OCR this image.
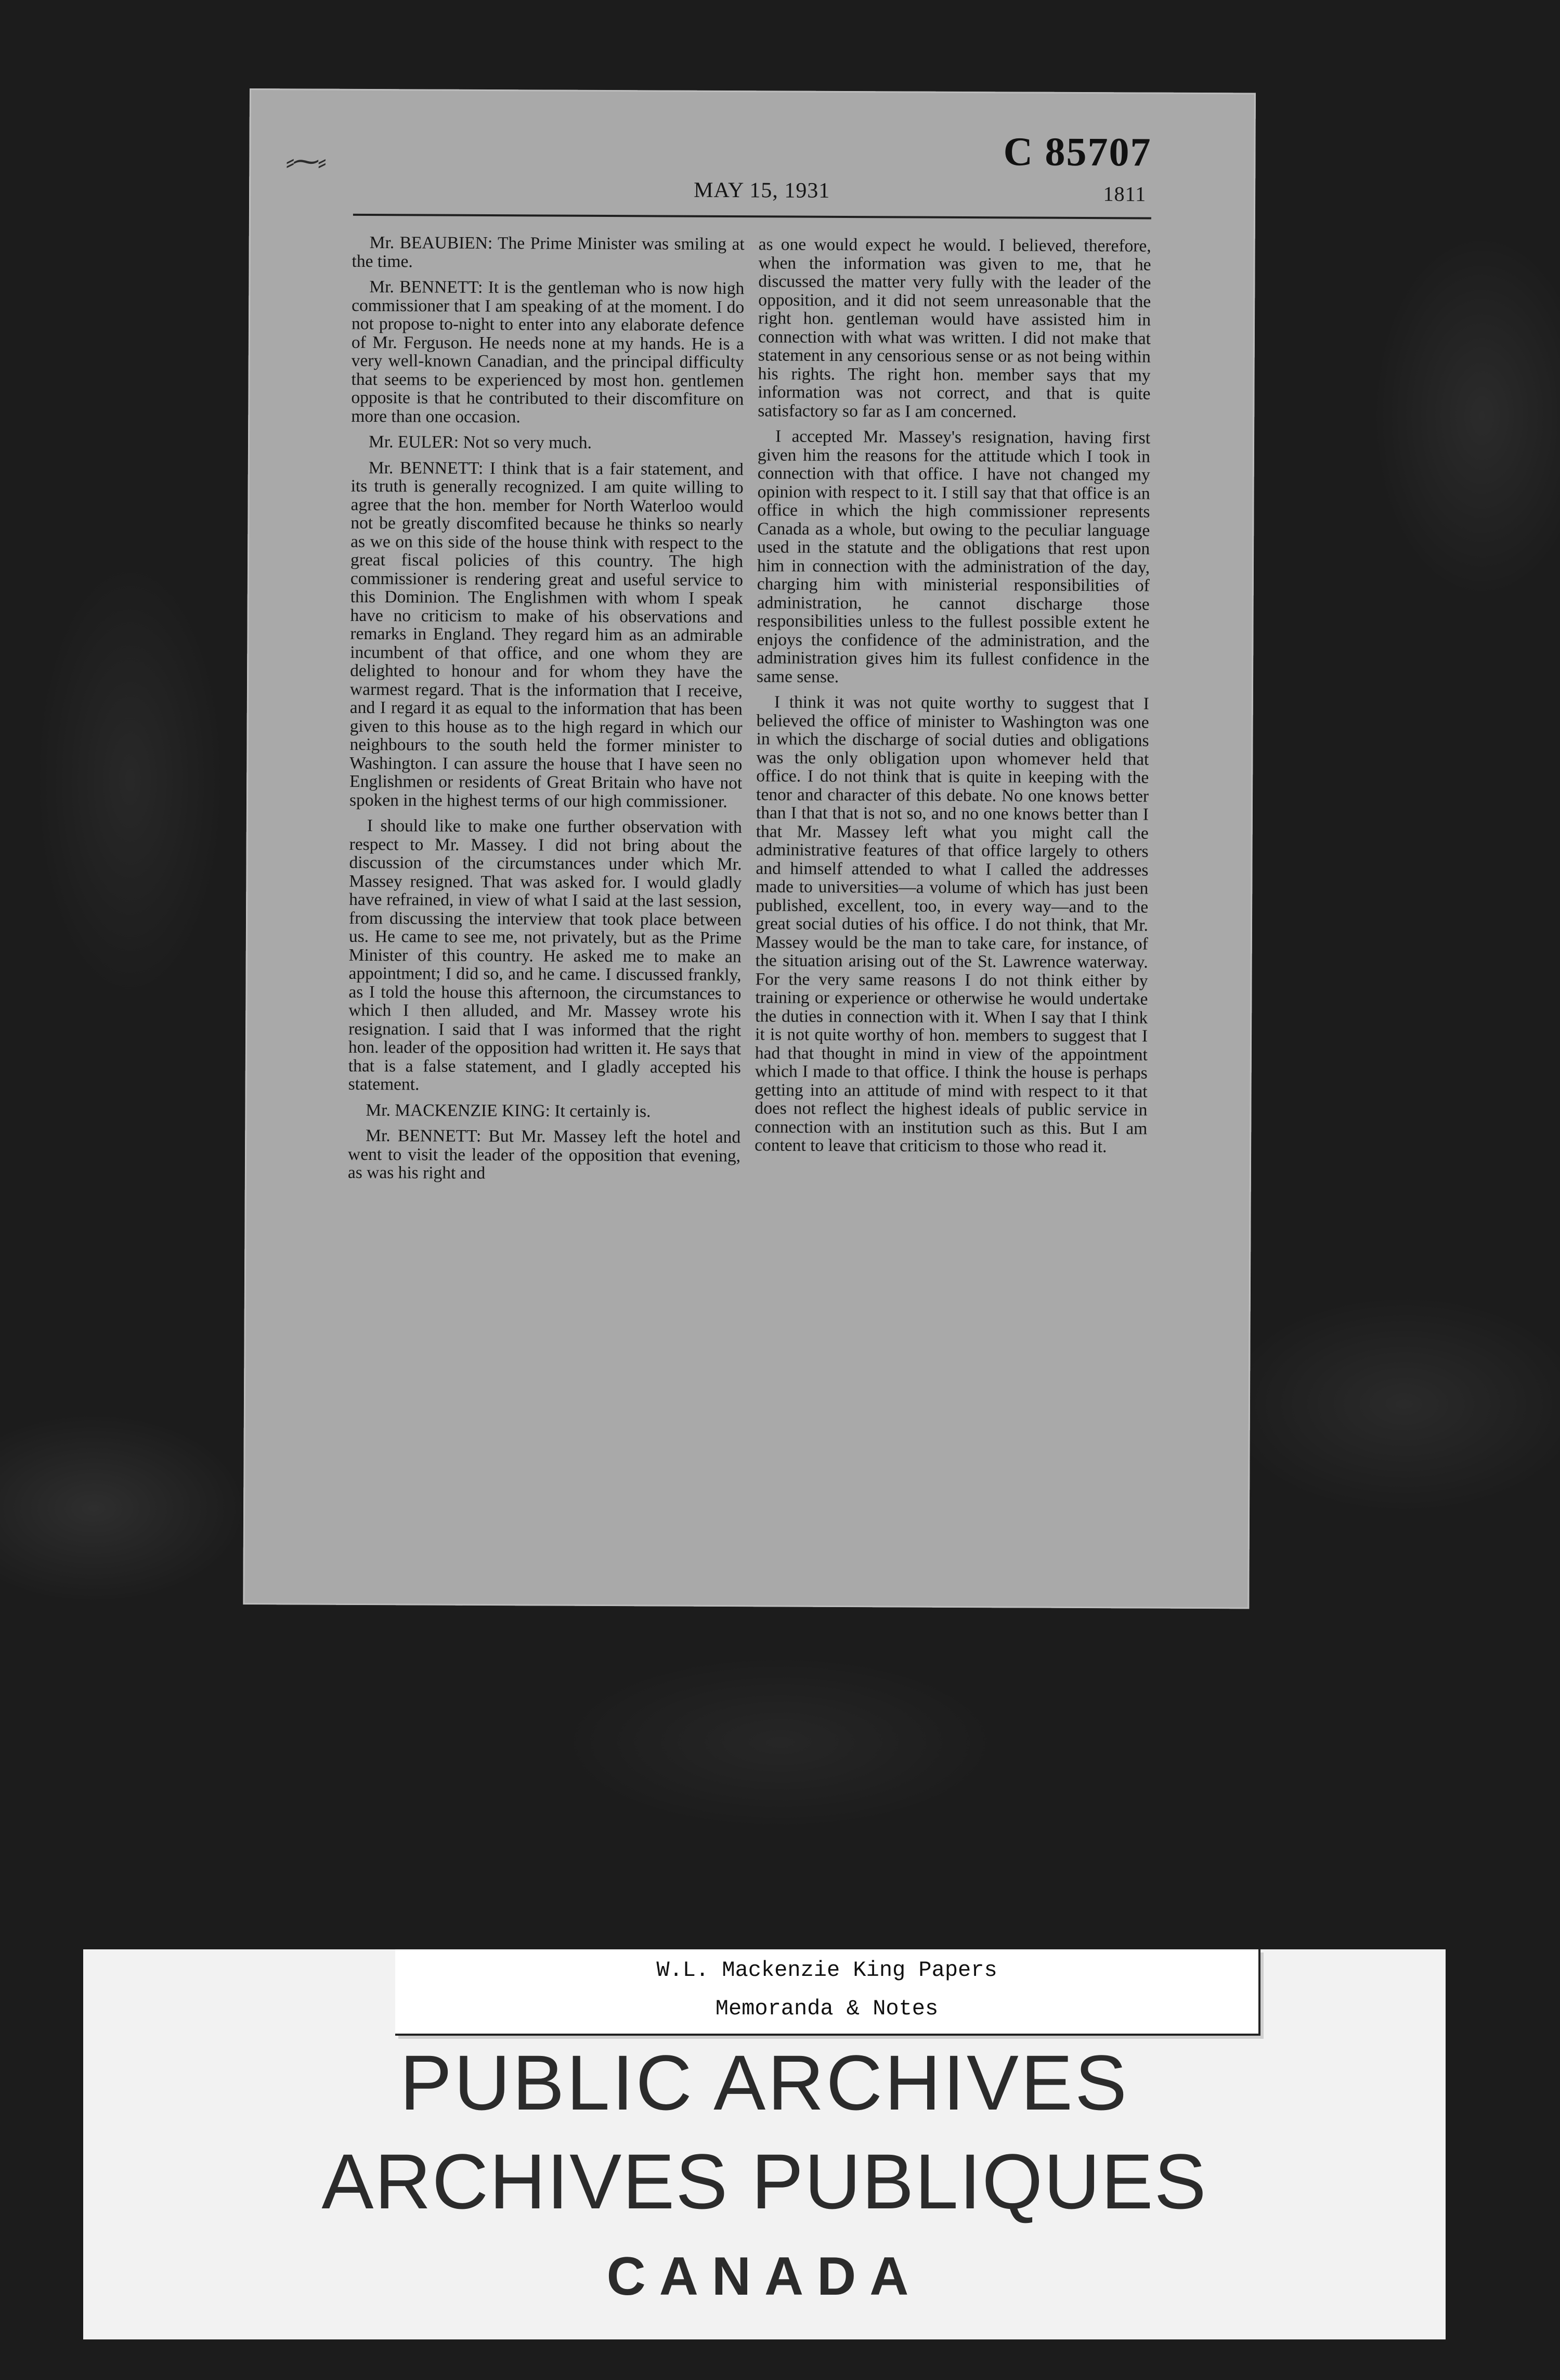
⸗⁓⸗	C 85707
MAY 15, 1931	1811

Mr. BEAUBIEN: The Prime Minister was smiling at the time.

Mr. BENNETT: It is the gentleman who is now high commissioner that I am speaking of at the moment. I do not propose to-night to enter into any elaborate defence of Mr. Ferguson. He needs none at my hands. He is a very well-known Canadian, and the principal difficulty that seems to be experienced by most hon. gentlemen opposite is that he contributed to their discomfiture on more than one occasion.

Mr. EULER: Not so very much.

Mr. BENNETT: I think that is a fair statement, and its truth is generally recognized. I am quite willing to agree that the hon. member for North Waterloo would not be greatly discomfited because he thinks so nearly as we on this side of the house think with respect to the great fiscal policies of this country. The high commissioner is rendering great and useful service to this Dominion. The Englishmen with whom I speak have no criticism to make of his observations and remarks in England. They regard him as an admirable incumbent of that office, and one whom they are delighted to honour and for whom they have the warmest regard. That is the information that I receive, and I regard it as equal to the information that has been given to this house as to the high regard in which our neighbours to the south held the former minister to Washington. I can assure the house that I have seen no Englishmen or residents of Great Britain who have not spoken in the highest terms of our high commissioner.

I should like to make one further observation with respect to Mr. Massey. I did not bring about the discussion of the circumstances under which Mr. Massey resigned. That was asked for. I would gladly have refrained, in view of what I said at the last session, from discussing the interview that took place between us. He came to see me, not privately, but as the Prime Minister of this country. He asked me to make an appointment; I did so, and he came. I discussed frankly, as I told the house this afternoon, the circumstances to which I then alluded, and Mr. Massey wrote his resignation. I said that I was informed that the right hon. leader of the opposition had written it. He says that that is a false statement, and I gladly accepted his statement.

Mr. MACKENZIE KING: It certainly is.

Mr. BENNETT: But Mr. Massey left the hotel and went to visit the leader of the opposition that evening, as was his right and

as one would expect he would. I believed, therefore, when the information was given to me, that he discussed the matter very fully with the leader of the opposition, and it did not seem unreasonable that the right hon. gentleman would have assisted him in connection with what was written. I did not make that statement in any censorious sense or as not being within his rights. The right hon. member says that my information was not correct, and that is quite satisfactory so far as I am concerned.

I accepted Mr. Massey's resignation, having first given him the reasons for the attitude which I took in connection with that office. I have not changed my opinion with respect to it. I still say that that office is an office in which the high commissioner represents Canada as a whole, but owing to the peculiar language used in the statute and the obligations that rest upon him in connection with the administration of the day, charging him with ministerial responsibilities of administration, he cannot discharge those responsibilities unless to the fullest possible extent he enjoys the confidence of the administration, and the administration gives him its fullest confidence in the same sense.

I think it was not quite worthy to suggest that I believed the office of minister to Washington was one in which the discharge of social duties and obligations was the only obligation upon whomever held that office. I do not think that is quite in keeping with the tenor and character of this debate. No one knows better than I that that is not so, and no one knows better than I that Mr. Massey left what you might call the administrative features of that office largely to others and himself attended to what I called the addresses made to universities—a volume of which has just been published, excellent, too, in every way—and to the great social duties of his office. I do not think, that Mr. Massey would be the man to take care, for instance, of the situation arising out of the St. Lawrence waterway. For the very same reasons I do not think either by training or experience or otherwise he would undertake the duties in connection with it. When I say that I think it is not quite worthy of hon. members to suggest that I had that thought in mind in view of the appointment which I made to that office. I think the house is perhaps getting into an attitude of mind with respect to it that does not reflect the highest ideals of public service in connection with an institution such as this. But I am content to leave that criticism to those who read it.

W.L. Mackenzie King Papers
Memoranda & Notes
PUBLIC ARCHIVES
ARCHIVES PUBLIQUES
CANADA
